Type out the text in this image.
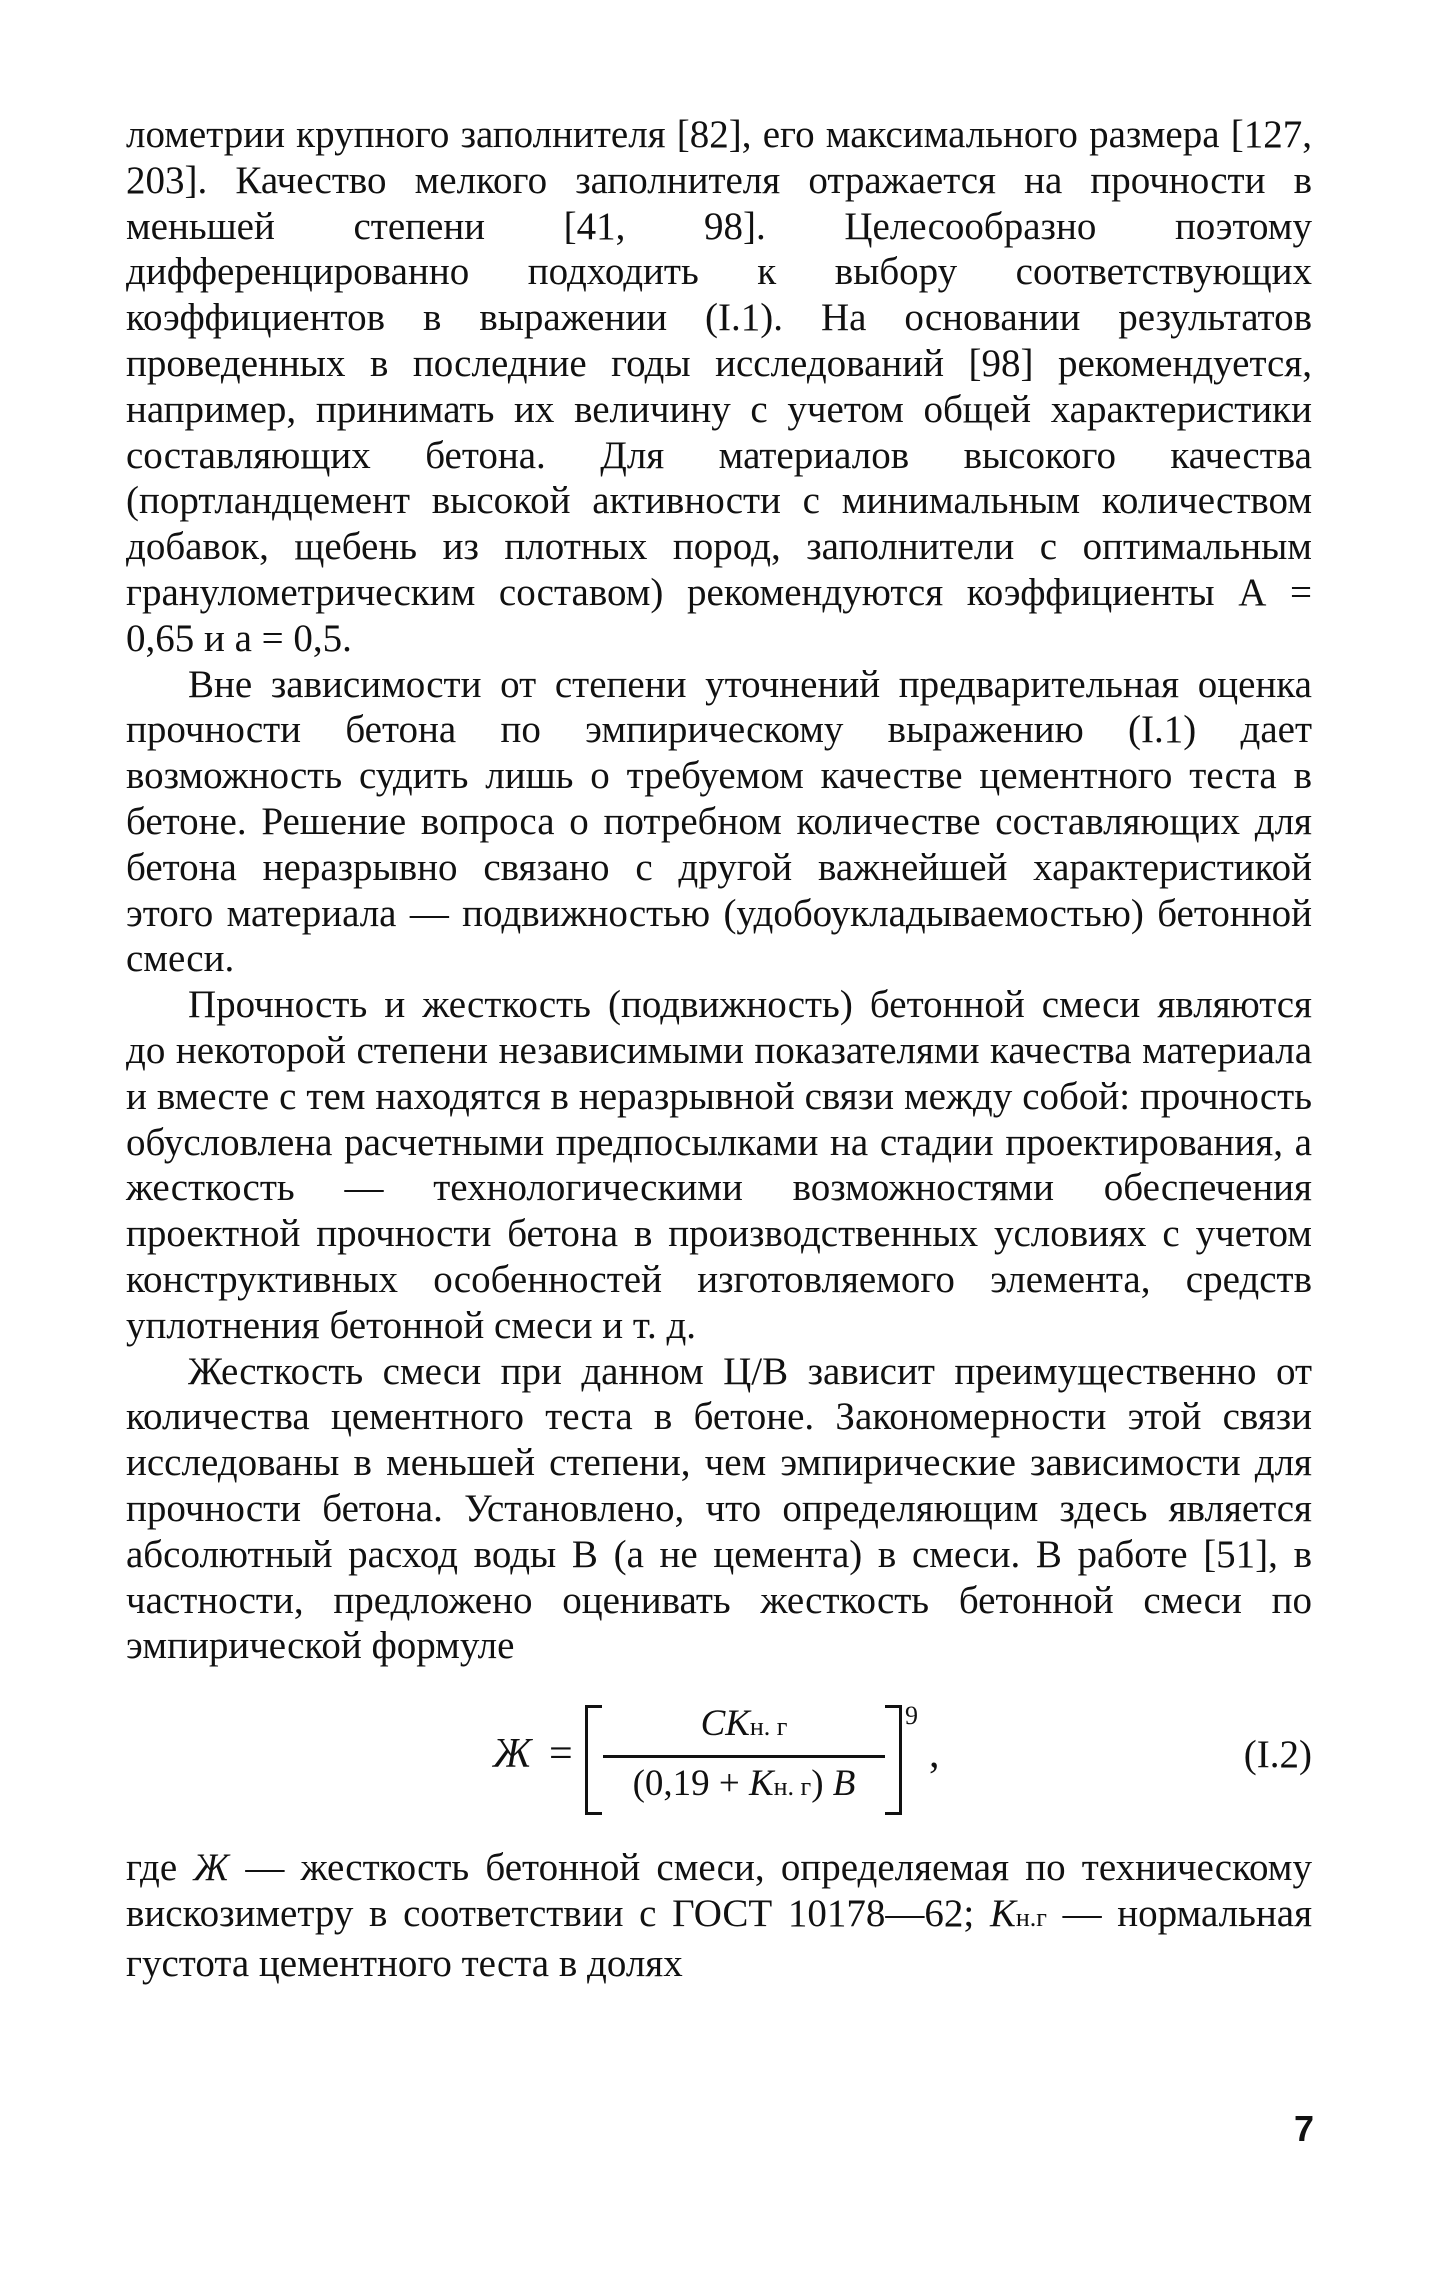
лометрии крупного заполнителя [82], его максимального размера [127, 203]. Качество мелкого заполнителя отражается на прочности в меньшей степени [41, 98]. Целесообразно поэтому дифференцированно подходить к выбору соответствующих коэффициентов в выражении (I.1). На основании результатов проведенных в последние годы исследований [98] рекомендуется, например, принимать их величину с учетом общей характеристики составляющих бетона. Для материалов высокого качества (портландцемент высокой активности с минимальным количеством добавок, щебень из плотных пород, заполнители с оптимальным гранулометрическим составом) рекомендуются коэффициенты А = 0,65 и а = 0,5.

Вне зависимости от степени уточнений предварительная оценка прочности бетона по эмпирическому выражению (I.1) дает возможность судить лишь о требуемом качестве цементного теста в бетоне. Решение вопроса о потребном количестве составляющих для бетона неразрывно связано с другой важнейшей характеристикой этого материала — подвижностью (удобоукладываемостью) бетонной смеси.

Прочность и жесткость (подвижность) бетонной смеси являются до некоторой степени независимыми показателями качества материала и вместе с тем находятся в неразрывной связи между собой: прочность обусловлена расчетными предпосылками на стадии проектирования, а жесткость — технологическими возможностями обеспечения проектной прочности бетона в производственных условиях с учетом конструктивных особенностей изготовляемого элемента, средств уплотнения бетонной смеси и т. д.

Жесткость смеси при данном Ц/В зависит преимущественно от количества цементного теста в бетоне. Закономерности этой связи исследованы в меньшей степени, чем эмпирические зависимости для прочности бетона. Установлено, что определяющим здесь является абсолютный расход воды В (а не цемента) в смеси. В работе [51], в частности, предложено оценивать жесткость бетонной смеси по эмпирической формуле

Ж =
СКн. г
(0,19 + Кн. г) В
9
,	(I.2)

где Ж — жесткость бетонной смеси, определяемая по техническому вискозиметру в соответствии с ГОСТ 10178—62; Кн.г — нормальная густота цементного теста в долях

7
